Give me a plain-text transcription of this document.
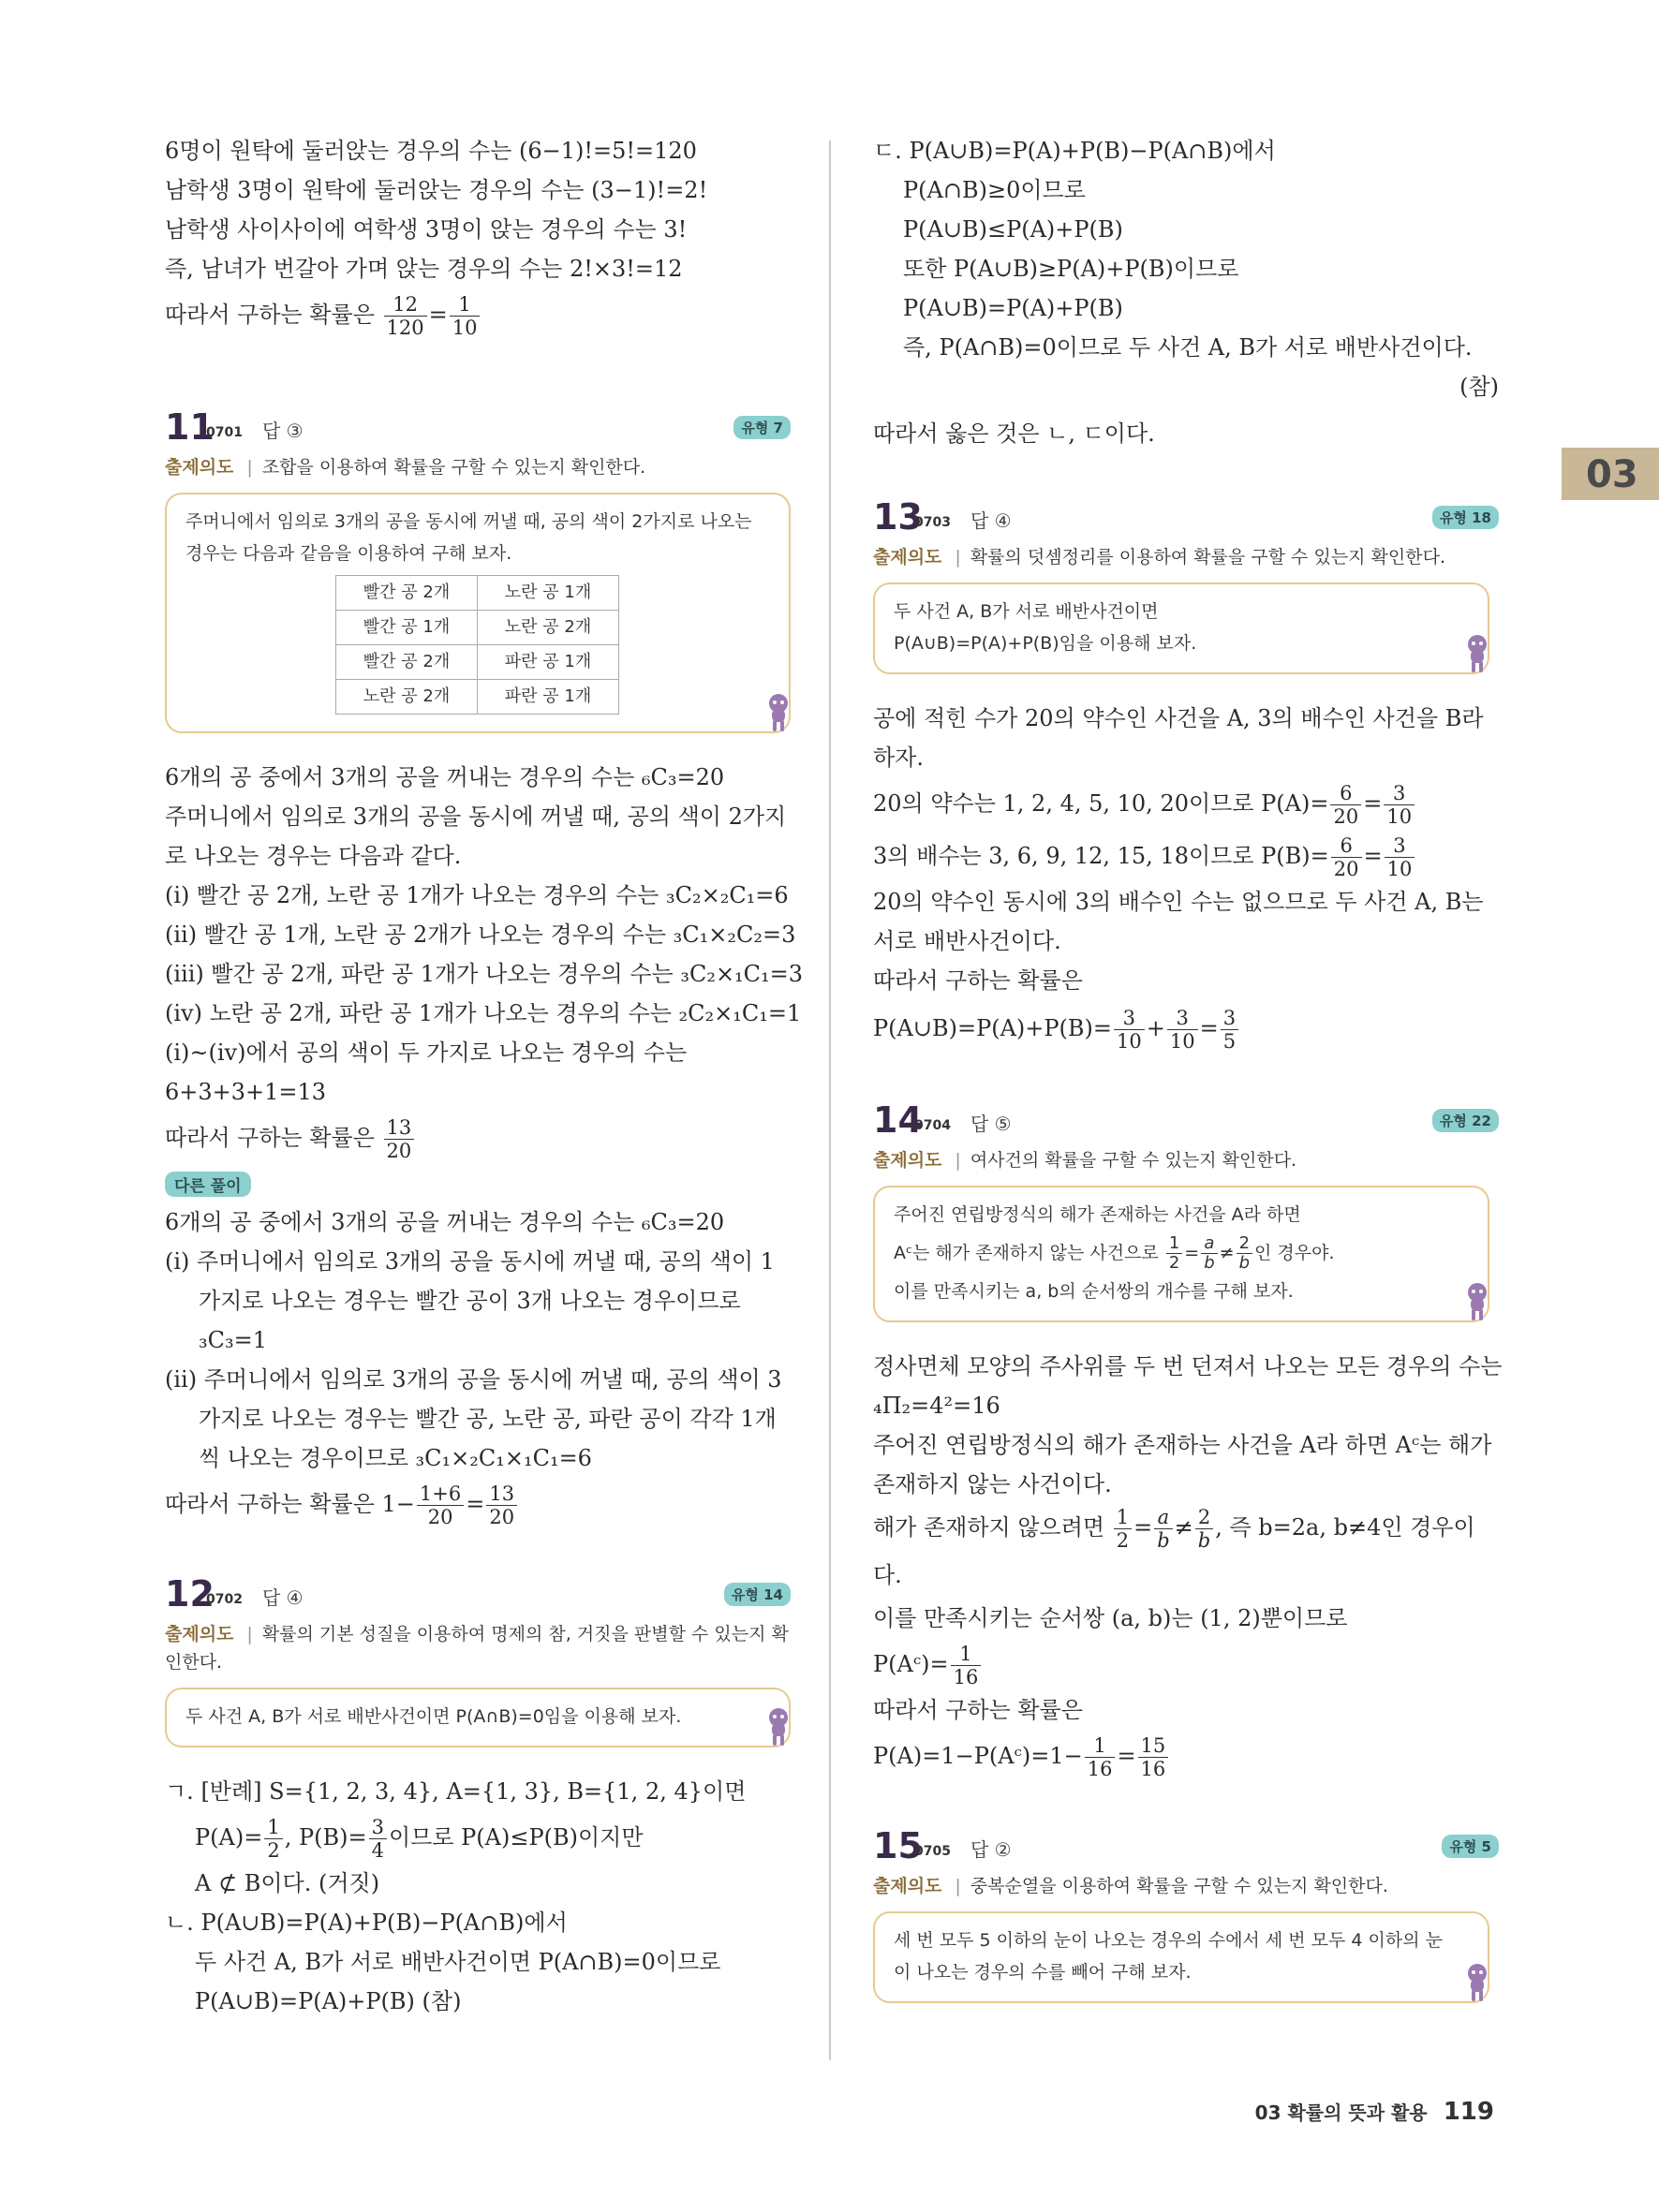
6명이 원탁에 둘러앉는 경우의 수는 (6−1)!=5!=120
남학생 3명이 원탁에 둘러앉는 경우의 수는 (3−1)!=2!
남학생 사이사이에 여학생 3명이 앉는 경우의 수는 3!
즉, 남녀가 번갈아 가며 앉는 경우의 수는 2!×3!=12
따라서 구하는 확률은 $\frac{12}{120} = \frac{1}{10}$
11
0701 답 ③	유형 7
출제의도 | 조합을 이용하여 확률을 구할 수 있는지 확인한다.
주머니에서 임의로 3개의 공을 동시에 꺼낼 때, 공의 색이 2가지로 나오는 경우는 다음과 같음을 이용하여 구해 보자.
빨간 공 2개	노란 공 1개
빨간 공 1개	노란 공 2개
빨간 공 2개	파란 공 1개
노란 공 2개	파란 공 1개
6개의 공 중에서 3개의 공을 꺼내는 경우의 수는 ₆C₃=20
주머니에서 임의로 3개의 공을 동시에 꺼낼 때, 공의 색이 2가지로 나오는 경우는 다음과 같다.
(ⅰ) 빨간 공 2개, 노란 공 1개가 나오는 경우의 수는 ₃C₂×₂C₁=6
(ⅱ) 빨간 공 1개, 노란 공 2개가 나오는 경우의 수는 ₃C₁×₂C₂=3
(ⅲ) 빨간 공 2개, 파란 공 1개가 나오는 경우의 수는 ₃C₂×₁C₁=3
(ⅳ) 노란 공 2개, 파란 공 1개가 나오는 경우의 수는 ₂C₂×₁C₁=1
(ⅰ)~(ⅳ)에서 공의 색이 두 가지로 나오는 경우의 수는
6+3+3+1=13
따라서 구하는 확률은 $\frac{13}{20}$
다른 풀이
6개의 공 중에서 3개의 공을 꺼내는 경우의 수는 ₆C₃=20
(ⅰ) 주머니에서 임의로 3개의 공을 동시에 꺼낼 때, 공의 색이 1가지로 나오는 경우는 빨간 공이 3개 나오는 경우이므로 ₃C₃=1
(ⅱ) 주머니에서 임의로 3개의 공을 동시에 꺼낼 때, 공의 색이 3가지로 나오는 경우는 빨간 공, 노란 공, 파란 공이 각각 1개씩 나오는 경우이므로 ₃C₁×₂C₁×₁C₁=6
따라서 구하는 확률은 $1- \frac{1+6}{20} = \frac{13}{20}$
12
0702 답 ④	유형 14
출제의도 | 확률의 기본 성질을 이용하여 명제의 참, 거짓을 판별할 수 있는지 확인한다.
두 사건 A, B가 서로 배반사건이면 P(A∩B)=0임을 이용해 보자.
ㄱ. [반례] S={1, 2, 3, 4}, A={1, 3}, B={1, 2, 4}이면
$P(A)= \frac{1}{2}$ , $P(B)= \frac{3}{4}$ 이므로 P(A)≤P(B)이지만
A ⊄ B이다. (거짓)
ㄴ. P(A∪B)=P(A)+P(B)−P(A∩B)에서
두 사건 A, B가 서로 배반사건이면 P(A∩B)=0이므로
P(A∪B)=P(A)+P(B) (참)
ㄷ. P(A∪B)=P(A)+P(B)−P(A∩B)에서
P(A∩B)≥0이므로
P(A∪B)≤P(A)+P(B)
또한 P(A∪B)≥P(A)+P(B)이므로
P(A∪B)=P(A)+P(B)
즉, P(A∩B)=0이므로 두 사건 A, B가 서로 배반사건이다.
(참)
따라서 옳은 것은 ㄴ, ㄷ이다.
13
0703 답 ④	유형 18
출제의도 | 확률의 덧셈정리를 이용하여 확률을 구할 수 있는지 확인한다.
두 사건 A, B가 서로 배반사건이면
P(A∪B)=P(A)+P(B)임을 이용해 보자.
공에 적힌 수가 20의 약수인 사건을 A, 3의 배수인 사건을 B라 하자.
20의 약수는 1, 2, 4, 5, 10, 20이므로 $P(A)= \frac{6}{20} = \frac{3}{10}$
3의 배수는 3, 6, 9, 12, 15, 18이므로 $P(B)= \frac{6}{20} = \frac{3}{10}$
20의 약수인 동시에 3의 배수인 수는 없으므로 두 사건 A, B는 서로 배반사건이다.
따라서 구하는 확률은
P(A∪B)=P(A)+P(B)= $\frac{3}{10} + \frac{3}{10} = \frac{3}{5}$
14
0704 답 ⑤	유형 22
출제의도 | 여사건의 확률을 구할 수 있는지 확인한다.
주어진 연립방정식의 해가 존재하는 사건을 A라 하면
Aᶜ는 해가 존재하지 않는 사건으로 $\frac{1}{2} = \frac{a}{b} \ne \frac{2}{b}$ 인 경우야.
이를 만족시키는 a, b의 순서쌍의 개수를 구해 보자.
정사면체 모양의 주사위를 두 번 던져서 나오는 모든 경우의 수는
₄Π₂=4²=16
주어진 연립방정식의 해가 존재하는 사건을 A라 하면 Aᶜ는 해가 존재하지 않는 사건이다.
해가 존재하지 않으려면 $\frac{1}{2} = \frac{a}{b} \ne \frac{2}{b}$ , 즉 b=2a, b≠4인 경우이다.
이를 만족시키는 순서쌍 (a, b)는 (1, 2)뿐이므로
P(Aᶜ)= $\frac{1}{16}$
따라서 구하는 확률은
P(A)=1−P(Aᶜ)=1− $\frac{1}{16} = \frac{15}{16}$
15
0705 답 ②	유형 5
출제의도 | 중복순열을 이용하여 확률을 구할 수 있는지 확인한다.
세 번 모두 5 이하의 눈이 나오는 경우의 수에서 세 번 모두 4 이하의 눈이 나오는 경우의 수를 빼어 구해 보자.
03
03 확률의 뜻과 활용 119
